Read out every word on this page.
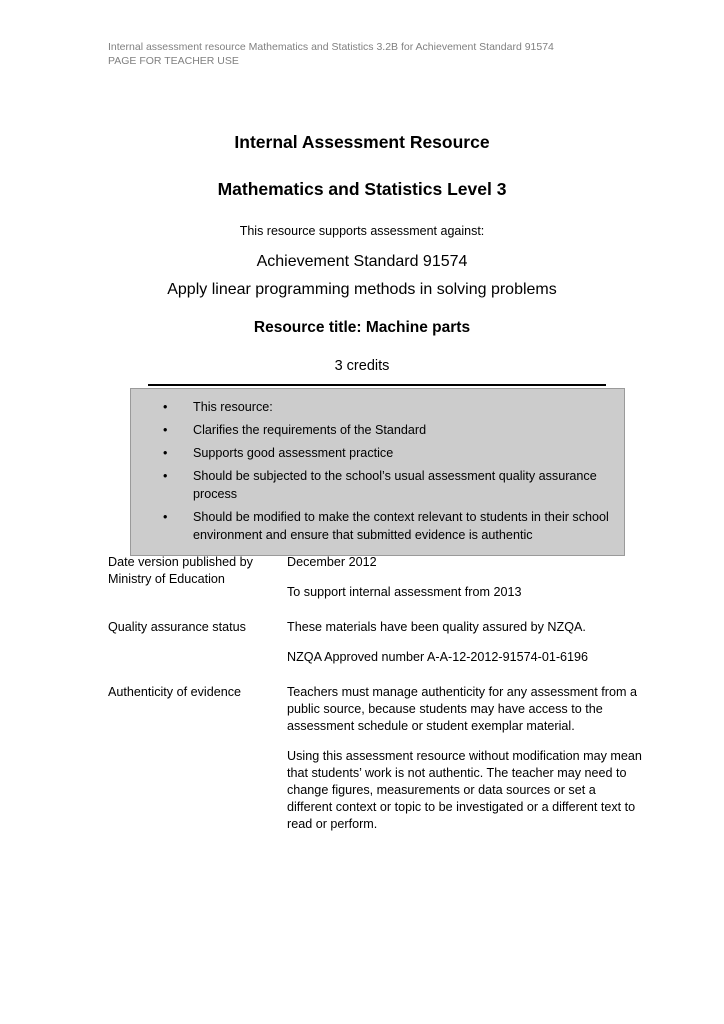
Internal assessment resource Mathematics and Statistics 3.2B for Achievement Standard 91574
PAGE FOR TEACHER USE
Internal Assessment Resource
Mathematics and Statistics Level 3

This resource supports assessment against:

Achievement Standard 91574

Apply linear programming methods in solving problems

Resource title: Machine parts

3 credits

• This resource:
• Clarifies the requirements of the Standard
• Supports good assessment practice
• Should be subjected to the school’s usual assessment quality assurance process
• Should be modified to make the context relevant to students in their school environment and ensure that submitted evidence is authentic
Date version published by Ministry of Education

December 2012

To support internal assessment from 2013

Quality assurance status	These materials have been quality assured by NZQA.

NZQA Approved number A-A-12-2012-91574-01-6196

Authenticity of evidence	Teachers must manage authenticity for any assessment from a public source, because students may have access to the assessment schedule or student exemplar material.

Using this assessment resource without modification may mean that students’ work is not authentic. The teacher may need to change figures, measurements or data sources or set a different context or topic to be investigated or a different text to read or perform.
